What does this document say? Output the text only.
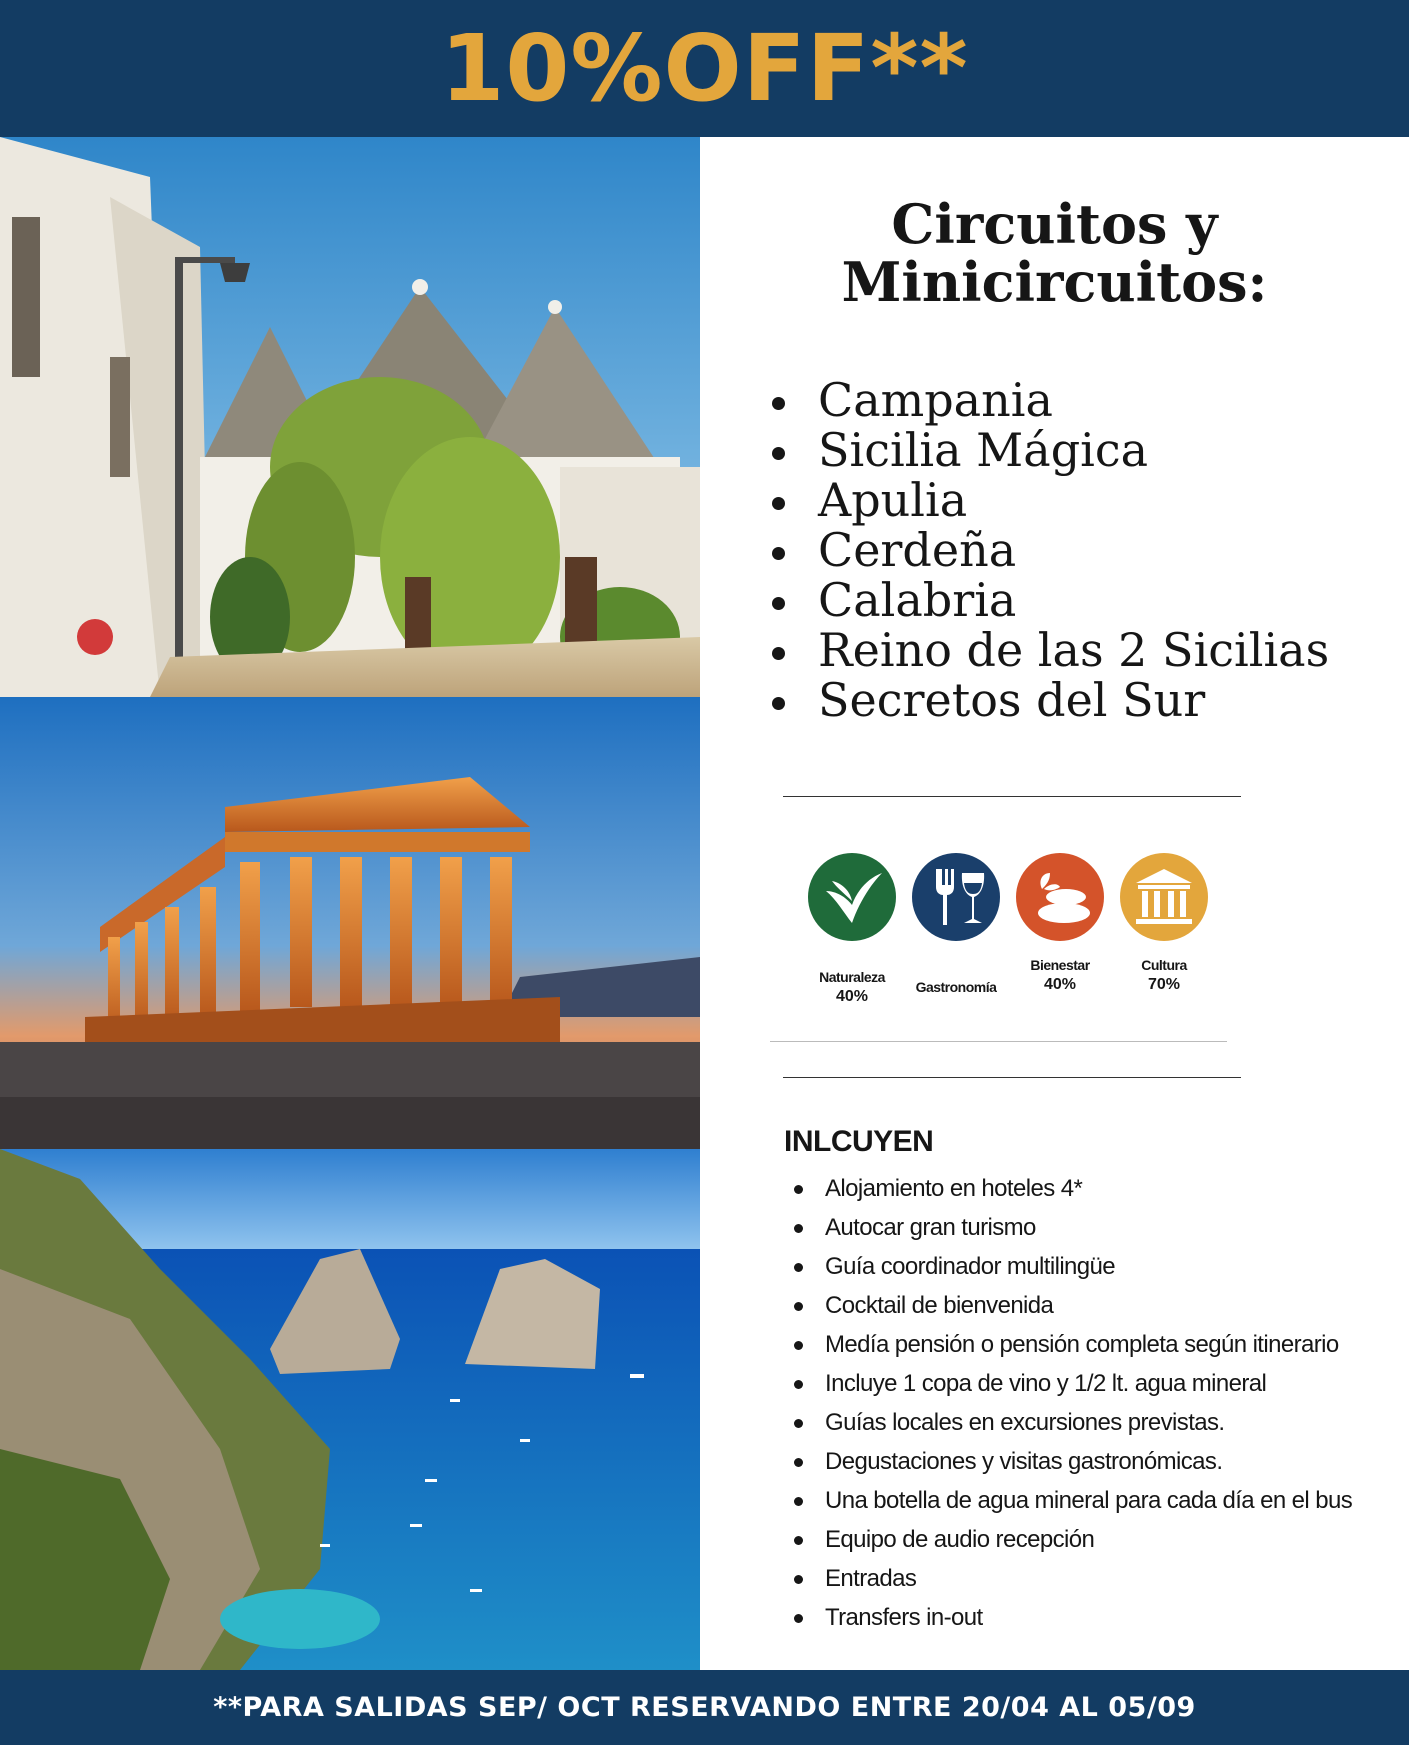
10%OFF**
Circuitos y
Minicircuitos:
Campania
Sicilia Mágica
Apulia
Cerdeña
Calabria
Reino de las 2 Sicilias
Secretos del Sur
Naturaleza
40%
Gastronomía
Bienestar
40%
Cultura
70%
INLCUYEN
Alojamiento en hoteles 4*
Autocar gran turismo
Guía coordinador multilingüe
Cocktail de bienvenida
Medía pensión o pensión completa según itinerario
Incluye 1 copa de vino y 1/2 lt. agua mineral
Guías locales en excursiones previstas.
Degustaciones y visitas gastronómicas.
Una botella de agua mineral para cada día en el bus
Equipo de audio recepción
Entradas
Transfers in-out
**PARA SALIDAS SEP/ OCT RESERVANDO ENTRE 20/04 AL 05/09
